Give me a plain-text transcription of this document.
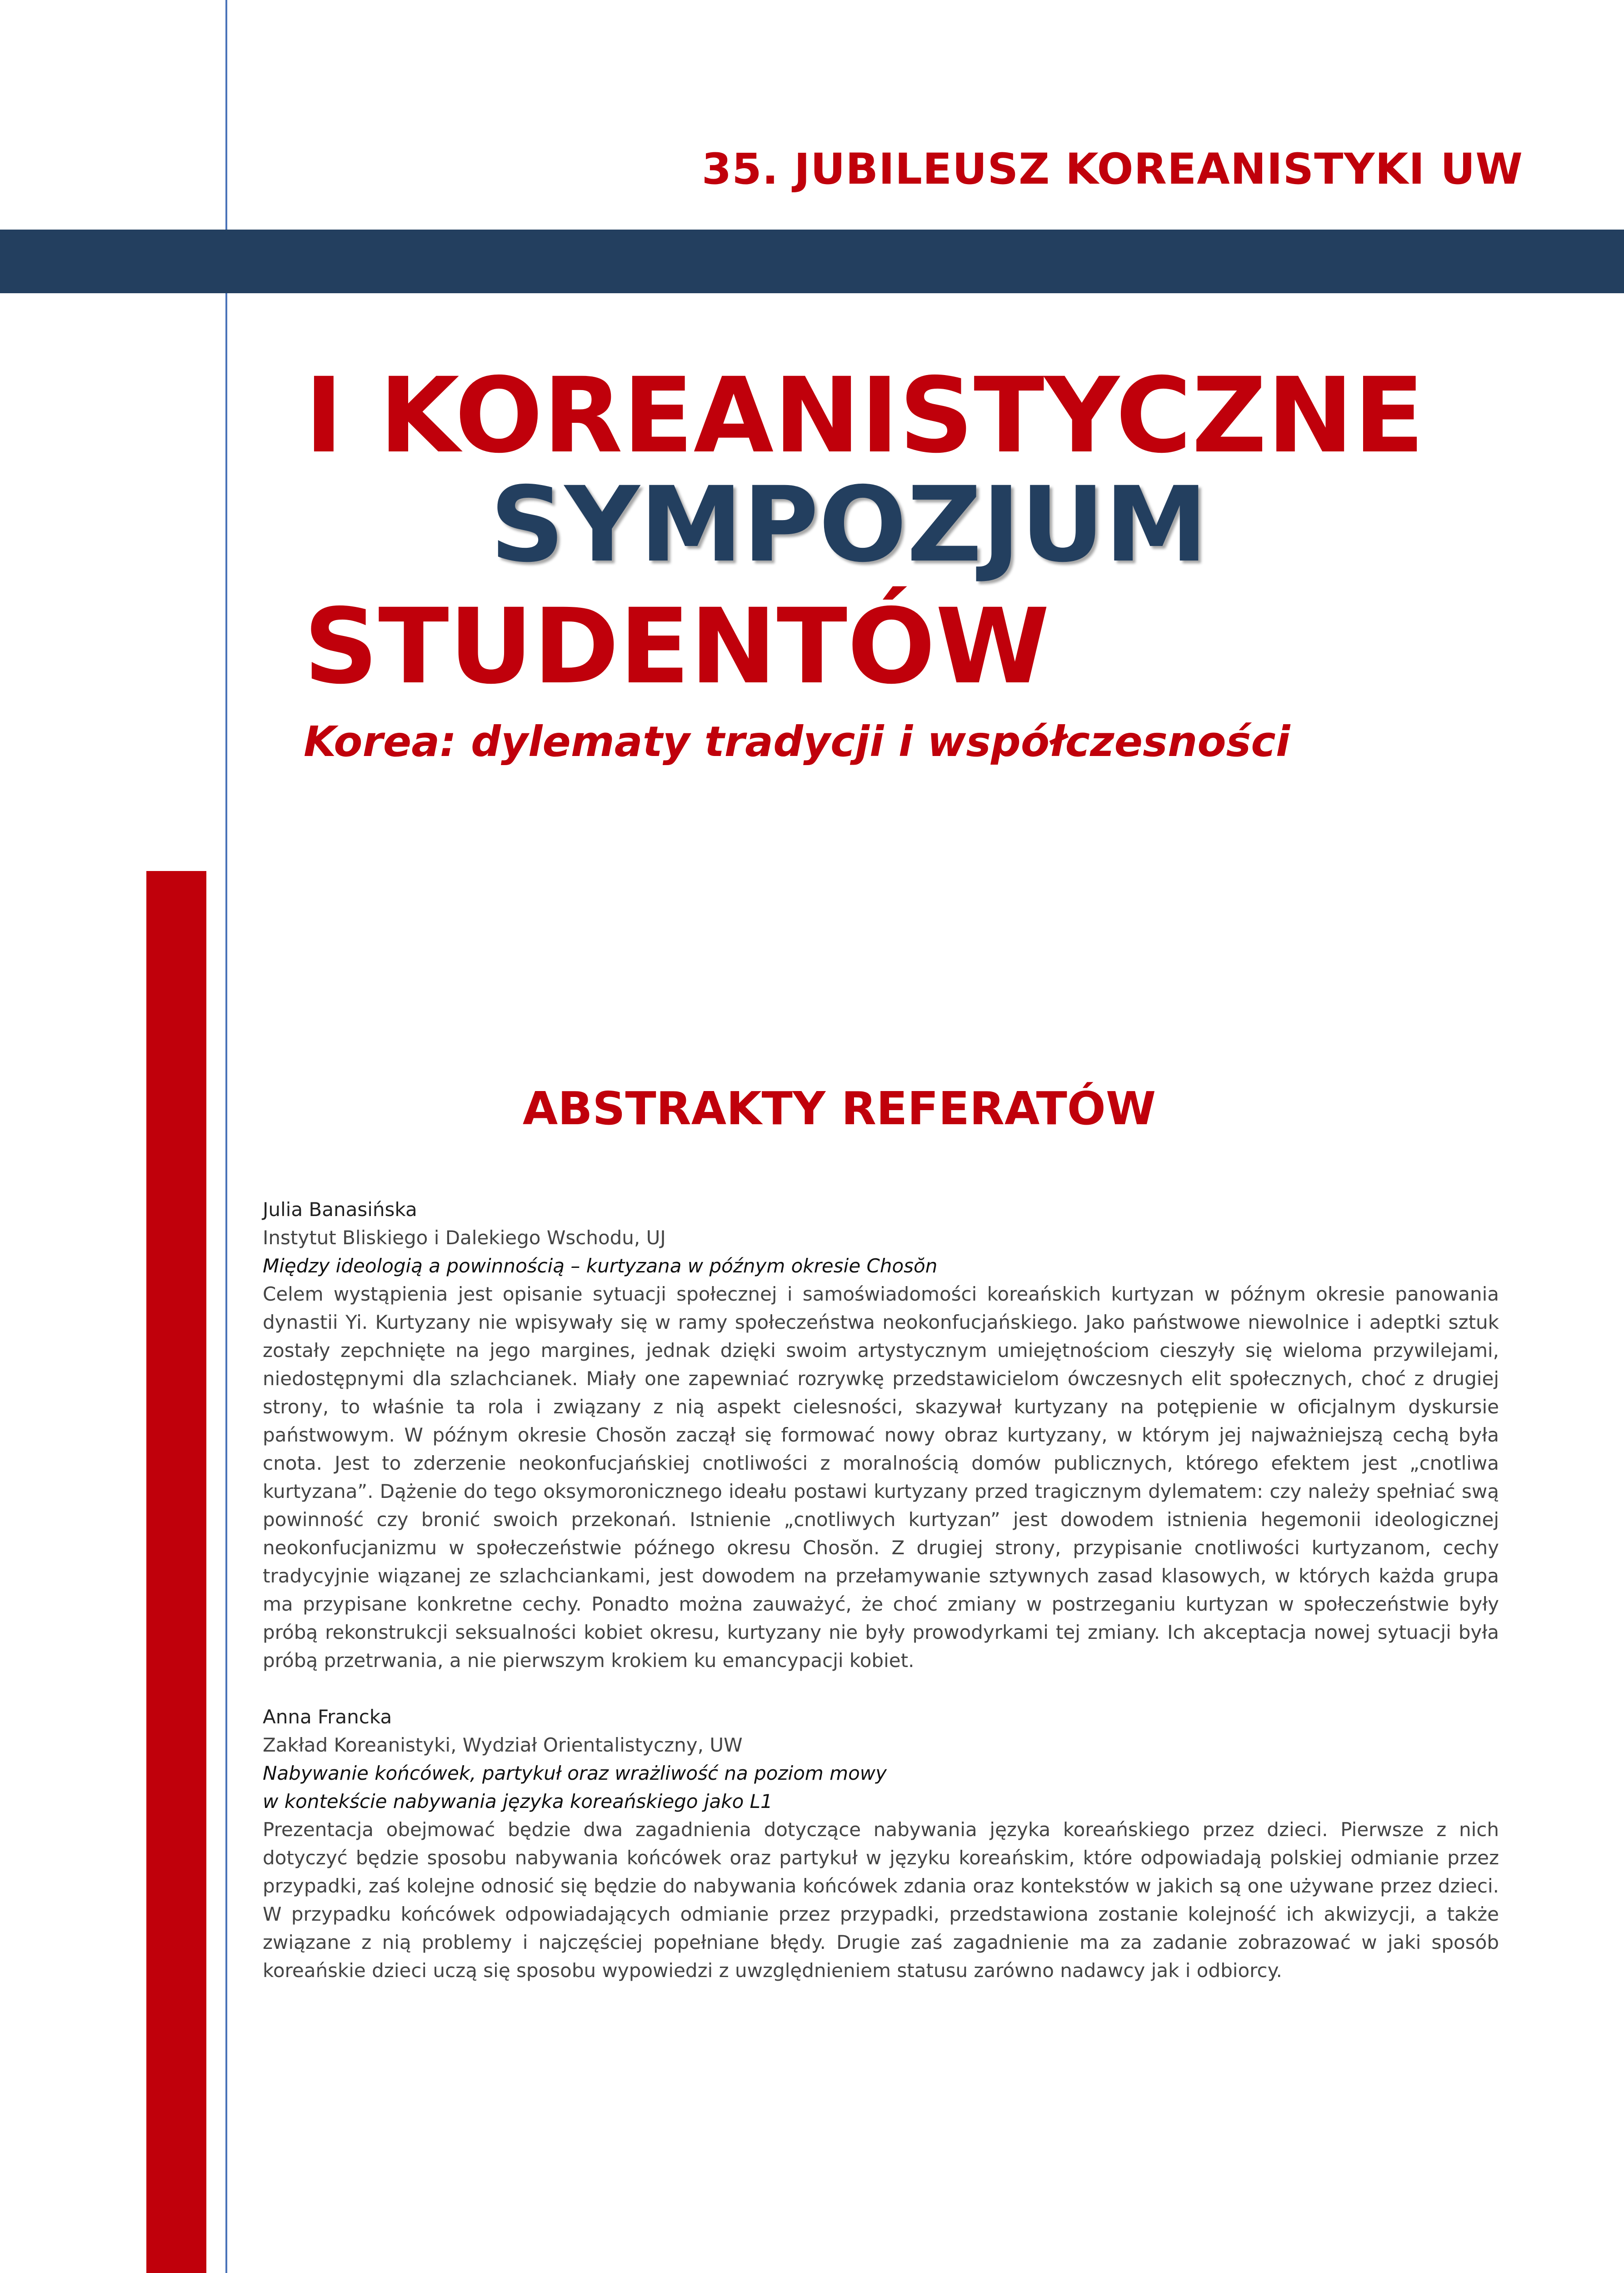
35. JUBILEUSZ KOREANISTYKI UW
I KOREANISTYCZNE
SYMPOZJUM
STUDENTÓW

Korea: dylematy tradycji i współczesności

ABSTRAKTY REFERATÓW

Julia Banasińska

Instytut Bliskiego i Dalekiego Wschodu, UJ

Między ideologią a powinnością – kurtyzana w późnym okresie Chosŏn

Celem wystąpienia jest opisanie sytuacji społecznej i samoświadomości koreańskich kurtyzan w późnym okresie panowania dynastii Yi. Kurtyzany nie wpisywały się w ramy społeczeństwa neokonfucjańskiego. Jako państwowe niewolnice i adeptki sztuk zostały zepchnięte na jego margines, jednak dzięki swoim artystycznym umiejętnościom cieszyły się wieloma przywilejami, niedostępnymi dla szlachcianek. Miały one zapewniać rozrywkę przedstawicielom ówczesnych elit społecznych, choć z drugiej strony, to właśnie ta rola i związany z nią aspekt cielesności, skazywał kurtyzany na potępienie w oficjalnym dyskursie państwowym. W późnym okresie Chosŏn zaczął się formować nowy obraz kurtyzany, w którym jej najważniejszą cechą była cnota. Jest to zderzenie neokonfucjańskiej cnotliwości z moralnością domów publicznych, którego efektem jest „cnotliwa kurtyzana”. Dążenie do tego oksymoronicznego ideału postawi kurtyzany przed tragicznym dylematem: czy należy spełniać swą powinność czy bronić swoich przekonań. Istnienie „cnotliwych kurtyzan” jest dowodem istnienia hegemonii ideologicznej neokonfucjanizmu w społeczeństwie późnego okresu Chosŏn. Z drugiej strony, przypisanie cnotliwości kurtyzanom, cechy tradycyjnie wiązanej ze szlachciankami, jest dowodem na przełamywanie sztywnych zasad klasowych, w których każda grupa ma przypisane konkretne cechy. Ponadto można zauważyć, że choć zmiany w postrzeganiu kurtyzan w społeczeństwie były próbą rekonstrukcji seksualności kobiet okresu, kurtyzany nie były prowodyrkami tej zmiany. Ich akceptacja nowej sytuacji była próbą przetrwania, a nie pierwszym krokiem ku emancypacji kobiet.

Anna Francka

Zakład Koreanistyki, Wydział Orientalistyczny, UW

Nabywanie końcówek, partykuł oraz wrażliwość na poziom mowy
w kontekście nabywania języka koreańskiego jako L1

Prezentacja obejmować będzie dwa zagadnienia dotyczące nabywania języka koreańskiego przez dzieci. Pierwsze z nich dotyczyć będzie sposobu nabywania końcówek oraz partykuł w języku koreańskim, które odpowiadają polskiej odmianie przez przypadki, zaś kolejne odnosić się będzie do nabywania końcówek zdania oraz kontekstów w jakich są one używane przez dzieci. W przypadku końcówek odpowiadających odmianie przez przypadki, przedstawiona zostanie kolejność ich akwizycji, a także związane z nią problemy i najczęściej popełniane błędy. Drugie zaś zagadnienie ma za zadanie zobrazować w jaki sposób koreańskie dzieci uczą się sposobu wypowiedzi z uwzględnieniem statusu zarówno nadawcy jak i odbiorcy.
